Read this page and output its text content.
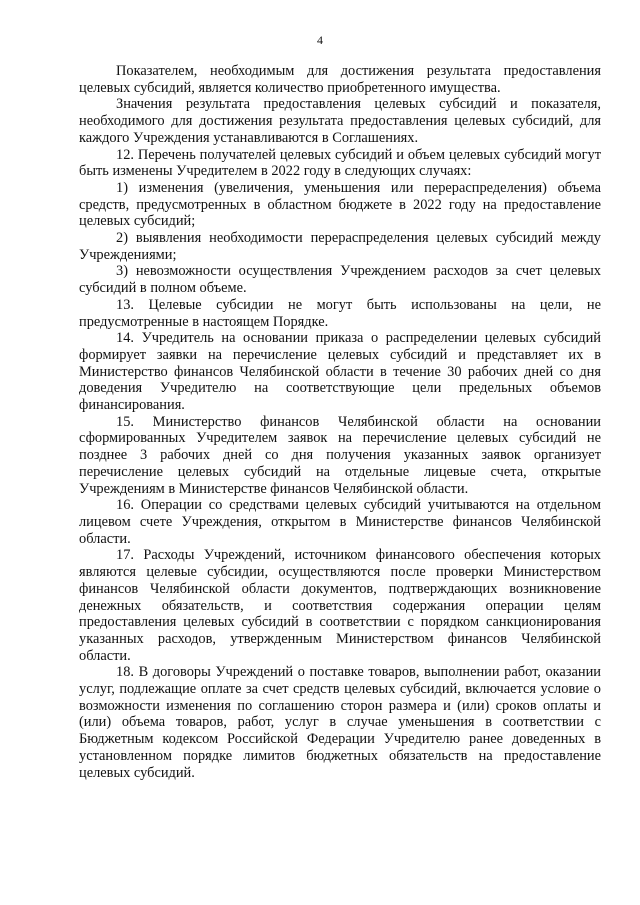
4

Показателем, необходимым для достижения результата предоставления целевых субсидий, является количество приобретенного имущества.

Значения результата предоставления целевых субсидий и показателя, необходимого для достижения результата предоставления целевых субсидий, для каждого Учреждения устанавливаются в Соглашениях.

12. Перечень получателей целевых субсидий и объем целевых субсидий могут быть изменены Учредителем в 2022 году в следующих случаях:

1) изменения (увеличения, уменьшения или перераспределения) объема средств, предусмотренных в областном бюджете в 2022 году на предоставление целевых субсидий;

2) выявления необходимости перераспределения целевых субсидий между Учреждениями;

3) невозможности осуществления Учреждением расходов за счет целевых субсидий в полном объеме.

13. Целевые субсидии не могут быть использованы на цели, не предусмотренные в настоящем Порядке.

14. Учредитель на основании приказа о распределении целевых субсидий формирует заявки на перечисление целевых субсидий и представляет их в Министерство финансов Челябинской области в течение 30 рабочих дней со дня доведения Учредителю на соответствующие цели предельных объемов финансирования.

15. Министерство финансов Челябинской области на основании сформированных Учредителем заявок на перечисление целевых субсидий не позднее 3 рабочих дней со дня получения указанных заявок организует перечисление целевых субсидий на отдельные лицевые счета, открытые Учреждениям в Министерстве финансов Челябинской области.

16. Операции со средствами целевых субсидий учитываются на отдельном лицевом счете Учреждения, открытом в Министерстве финансов Челябинской области.

17. Расходы Учреждений, источником финансового обеспечения которых являются целевые субсидии, осуществляются после проверки Министерством финансов Челябинской области документов, подтверждающих возникновение денежных обязательств, и соответствия содержания операции целям предоставления целевых субсидий в соответствии с порядком санкционирования указанных расходов, утвержденным Министерством финансов Челябинской области.

18. В договоры Учреждений о поставке товаров, выполнении работ, оказании услуг, подлежащие оплате за счет средств целевых субсидий, включается условие о возможности изменения по соглашению сторон размера и (или) сроков оплаты и (или) объема товаров, работ, услуг в случае уменьшения в соответствии с Бюджетным кодексом Российской Федерации Учредителю ранее доведенных в установленном порядке лимитов бюджетных обязательств на предоставление целевых субсидий.
